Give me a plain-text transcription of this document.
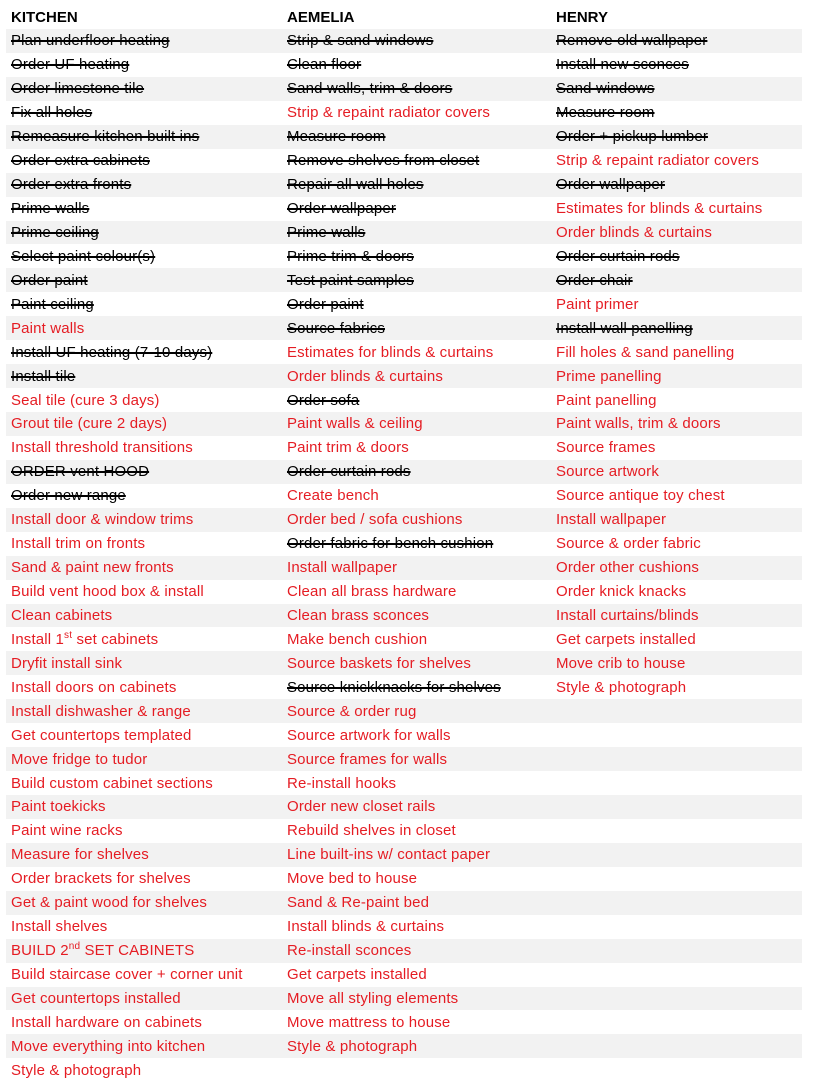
KITCHEN	AEMELIA	HENRY
Plan underfloor heating	Strip & sand windows	Remove old wallpaper
Order UF heating	Clean floor	Install new sconces
Order limestone tile	Sand walls, trim & doors	Sand windows
Fix all holes	Strip & repaint radiator covers	Measure room
Remeasure kitchen built ins	Measure room	Order + pickup lumber
Order extra cabinets	Remove shelves from closet	Strip & repaint radiator covers
Order extra fronts	Repair all wall holes	Order wallpaper
Prime walls	Order wallpaper	Estimates for blinds & curtains
Prime ceiling	Prime walls	Order blinds & curtains
Select paint colour(s)	Prime trim & doors	Order curtain rods
Order paint	Test paint samples	Order chair
Paint ceiling	Order paint	Paint primer
Paint walls	Source fabrics	Install wall panelling
Install UF heating (7-10 days)	Estimates for blinds & curtains	Fill holes & sand panelling
Install tile	Order blinds & curtains	Prime panelling
Seal tile (cure 3 days)	Order sofa	Paint panelling
Grout tile (cure 2 days)	Paint walls & ceiling	Paint walls, trim & doors
Install threshold transitions	Paint trim & doors	Source frames
ORDER vent HOOD	Order curtain rods	Source artwork
Order new range	Create bench	Source antique toy chest
Install door & window trims	Order bed / sofa cushions	Install wallpaper
Install trim on fronts	Order fabric for bench cushion	Source & order fabric
Sand & paint new fronts	Install wallpaper	Order other cushions
Build vent hood box & install	Clean all brass hardware	Order knick knacks
Clean cabinets	Clean brass sconces	Install curtains/blinds
Install 1st set cabinets	Make bench cushion	Get carpets installed
Dryfit install sink	Source baskets for shelves	Move crib to house
Install doors on cabinets	Source knickknacks for shelves	Style & photograph
Install dishwasher & range	Source & order rug
Get countertops templated	Source artwork for walls
Move fridge to tudor	Source frames for walls
Build custom cabinet sections	Re-install hooks
Paint toekicks	Order new closet rails
Paint wine racks	Rebuild shelves in closet
Measure for shelves	Line built-ins w/ contact paper
Order brackets for shelves	Move bed to house
Get & paint wood for shelves	Sand & Re-paint bed
Install shelves	Install blinds & curtains
BUILD 2nd SET CABINETS	Re-install sconces
Build staircase cover + corner unit	Get carpets installed
Get countertops installed	Move all styling elements
Install hardware on cabinets	Move mattress to house
Move everything into kitchen	Style & photograph
Style & photograph
